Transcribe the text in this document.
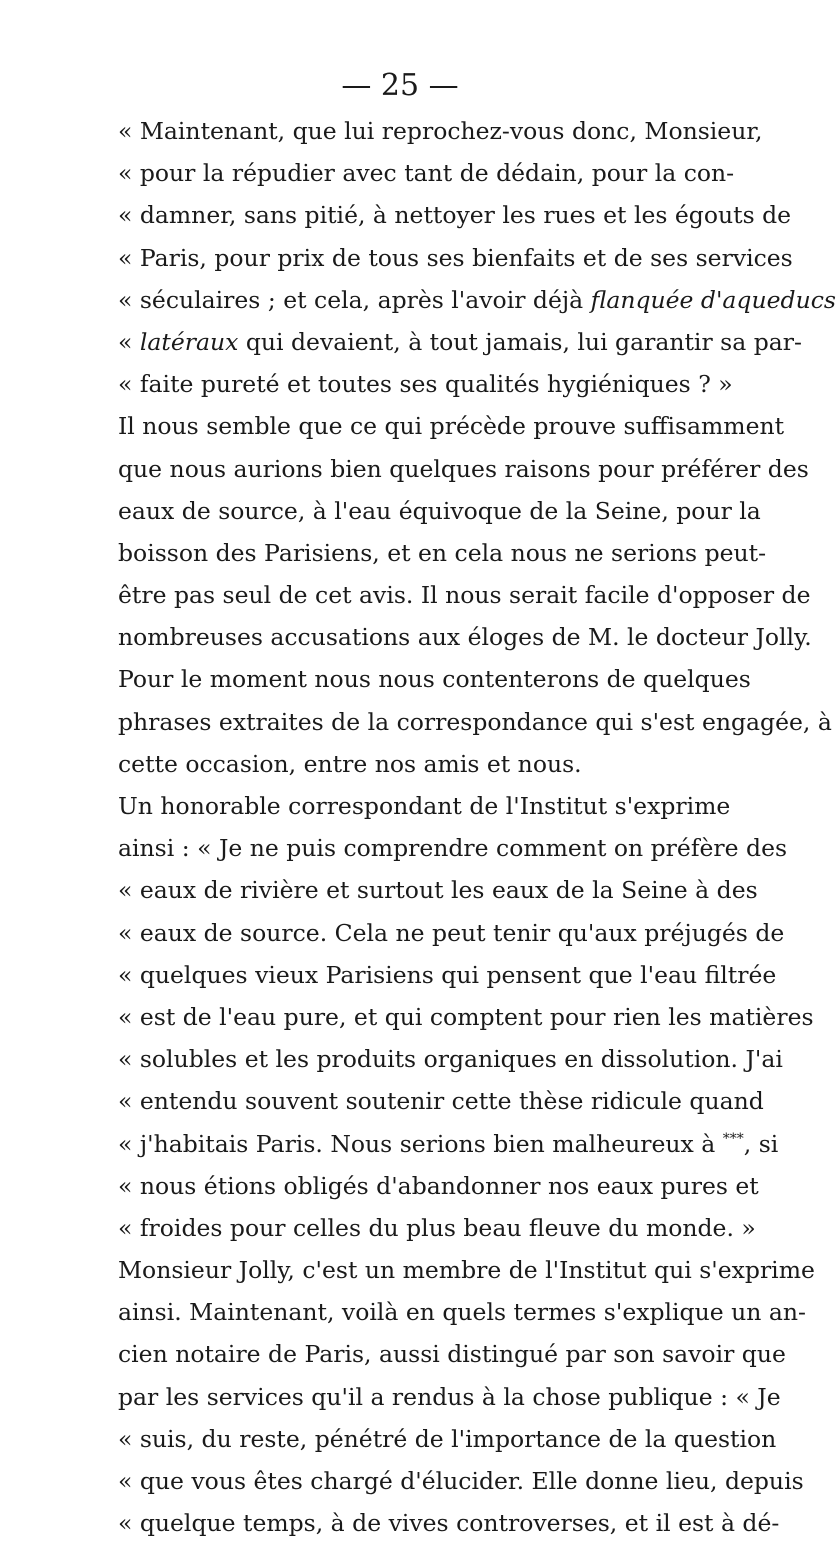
— 25 —
« Maintenant, que lui reprochez-vous donc, Monsieur,
« pour la répudier avec tant de dédain, pour la con-
« damner, sans pitié, à nettoyer les rues et les égouts de
« Paris, pour prix de tous ses bienfaits et de ses services
« séculaires ; et cela, après l'avoir déjà flanquée d'aqueducs
« latéraux qui devaient, à tout jamais, lui garantir sa par-
« faite pureté et toutes ses qualités hygiéniques ? »
Il nous semble que ce qui précède prouve suffisamment
que nous aurions bien quelques raisons pour préférer des
eaux de source, à l'eau équivoque de la Seine, pour la
boisson des Parisiens, et en cela nous ne serions peut-
être pas seul de cet avis. Il nous serait facile d'opposer de
nombreuses accusations aux éloges de M. le docteur Jolly.
Pour le moment nous nous contenterons de quelques
phrases extraites de la correspondance qui s'est engagée, à
cette occasion, entre nos amis et nous.
Un honorable correspondant de l'Institut s'exprime
ainsi : « Je ne puis comprendre comment on préfère des
« eaux de rivière et surtout les eaux de la Seine à des
« eaux de source. Cela ne peut tenir qu'aux préjugés de
« quelques vieux Parisiens qui pensent que l'eau filtrée
« est de l'eau pure, et qui comptent pour rien les matières
« solubles et les produits organiques en dissolution. J'ai
« entendu souvent soutenir cette thèse ridicule quand
« j'habitais Paris. Nous serions bien malheureux à ***, si
« nous étions obligés d'abandonner nos eaux pures et
« froides pour celles du plus beau fleuve du monde. »
Monsieur Jolly, c'est un membre de l'Institut qui s'exprime
ainsi. Maintenant, voilà en quels termes s'explique un an-
cien notaire de Paris, aussi distingué par son savoir que
par les services qu'il a rendus à la chose publique : « Je
« suis, du reste, pénétré de l'importance de la question
« que vous êtes chargé d'élucider. Elle donne lieu, depuis
« quelque temps, à de vives controverses, et il est à dé-
